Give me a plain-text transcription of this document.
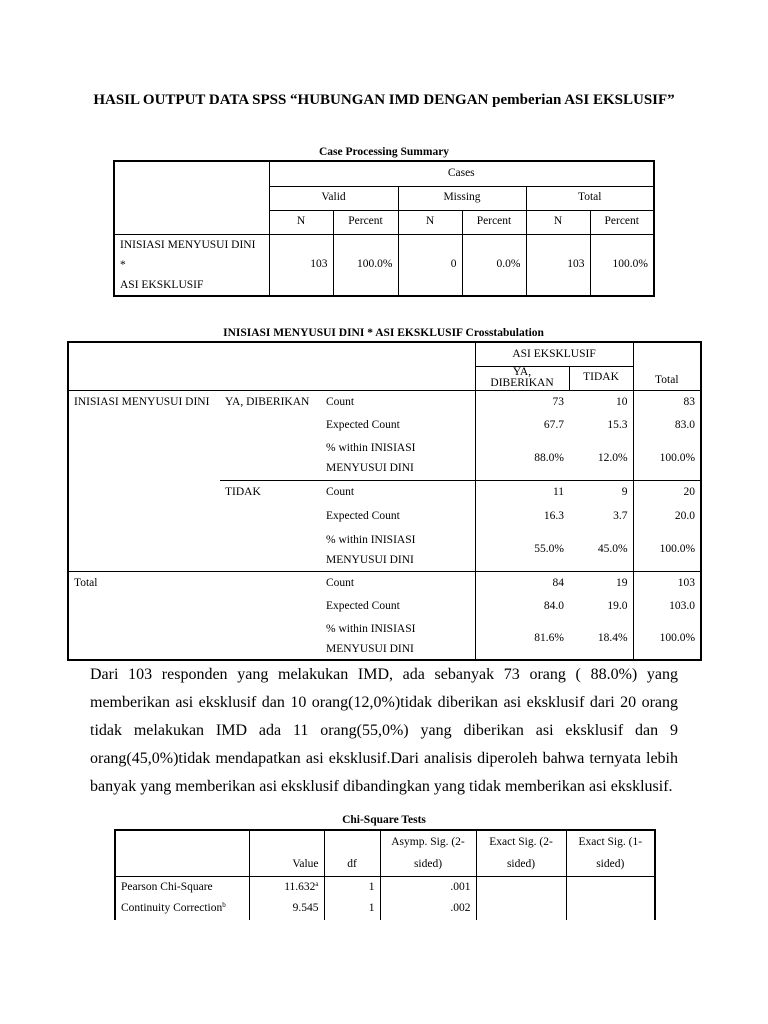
HASIL OUTPUT DATA SPSS “HUBUNGAN IMD DENGAN pemberian ASI EKSLUSIF”
Case Processing Summary
	Cases					
	Valid		Missing		Total	
	N	Percent	N	Percent	N	Percent
INISIASI MENYUSUI DINI *
ASI EKSKLUSIF	103	100.0%	0	0.0%	103	100.0%
INISIASI MENYUSUI DINI * ASI EKSKLUSIF Crosstabulation
			ASI EKSKLUSIF		Total
			YA, DIBERIKAN	TIDAK	
INISIASI MENYUSUI DINI	YA, DIBERIKAN	Count	73	10	83
		Expected Count	67.7	15.3	83.0
		% within INISIASI
MENYUSUI DINI	88.0%	12.0%	100.0%
	TIDAK	Count	11	9	20
		Expected Count	16.3	3.7	20.0
		% within INISIASI
MENYUSUI DINI	55.0%	45.0%	100.0%
Total		Count	84	19	103
		Expected Count	84.0	19.0	103.0
		% within INISIASI
MENYUSUI DINI	81.6%	18.4%	100.0%
Dari 103 responden yang melakukan IMD, ada sebanyak 73 orang ( 88.0%) yang memberikan asi eksklusif dan 10 orang(12,0%)tidak diberikan asi eksklusif dari 20 orang tidak melakukan IMD ada 11 orang(55,0%) yang diberikan asi eksklusif dan 9 orang(45,0%)tidak mendapatkan asi eksklusif.Dari analisis diperoleh bahwa ternyata lebih banyak yang memberikan asi eksklusif dibandingkan yang tidak memberikan asi eksklusif.
Chi-Square Tests
	Value	df	Asymp. Sig. (2-
sided)	Exact Sig. (2-
sided)	Exact Sig. (1-
sided)
Pearson Chi-Square	11.632$^a$	1	.001		
Continuity Correction$^b$	9.545	1	.002		
